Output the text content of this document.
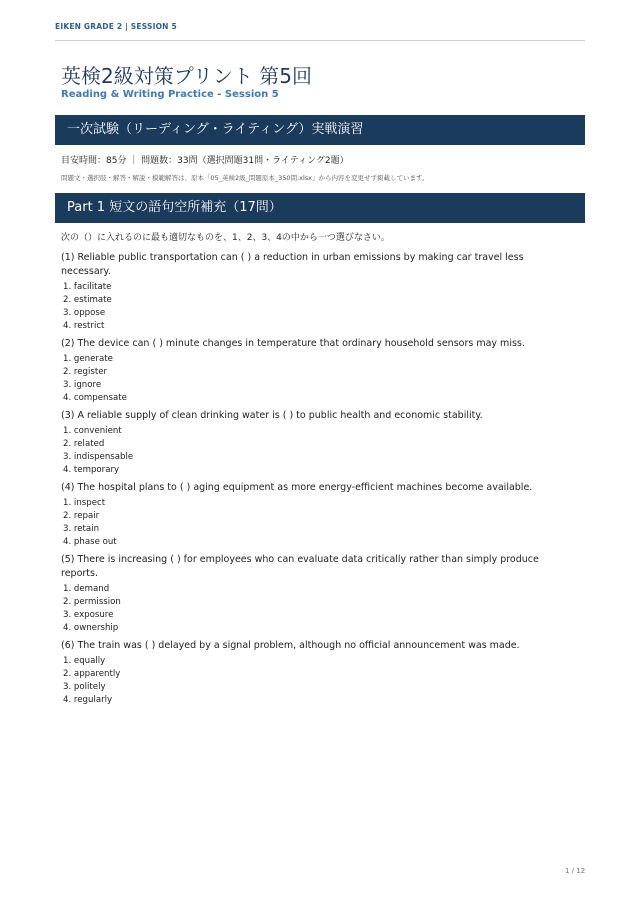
EIKEN GRADE 2 | SESSION 5
英検2級対策プリント 第5回
Reading & Writing Practice - Session 5
一次試験（リーディング・ライティング）実戦演習
目安時間：85分 ｜ 問題数：33問（選択問題31問・ライティング2題）
問題文・選択肢・解答・解説・模範解答は、原本「05_英検2級_問題原本_350問.xlsx」から内容を変更せず掲載しています。
Part 1 短文の語句空所補充（17問）
次の（）に入れるのに最も適切なものを、1、2、3、4の中から一つ選びなさい。

(1) Reliable public transportation can ( ) a reduction in urban emissions by making car travel less necessary.

1. facilitate
2. estimate
3. oppose
4. restrict

(2) The device can ( ) minute changes in temperature that ordinary household sensors may miss.

1. generate
2. register
3. ignore
4. compensate

(3) A reliable supply of clean drinking water is ( ) to public health and economic stability.

1. convenient
2. related
3. indispensable
4. temporary

(4) The hospital plans to ( ) aging equipment as more energy-efficient machines become available.

1. inspect
2. repair
3. retain
4. phase out

(5) There is increasing ( ) for employees who can evaluate data critically rather than simply produce reports.

1. demand
2. permission
3. exposure
4. ownership

(6) The train was ( ) delayed by a signal problem, although no official announcement was made.

1. equally
2. apparently
3. politely
4. regularly
1 / 12
